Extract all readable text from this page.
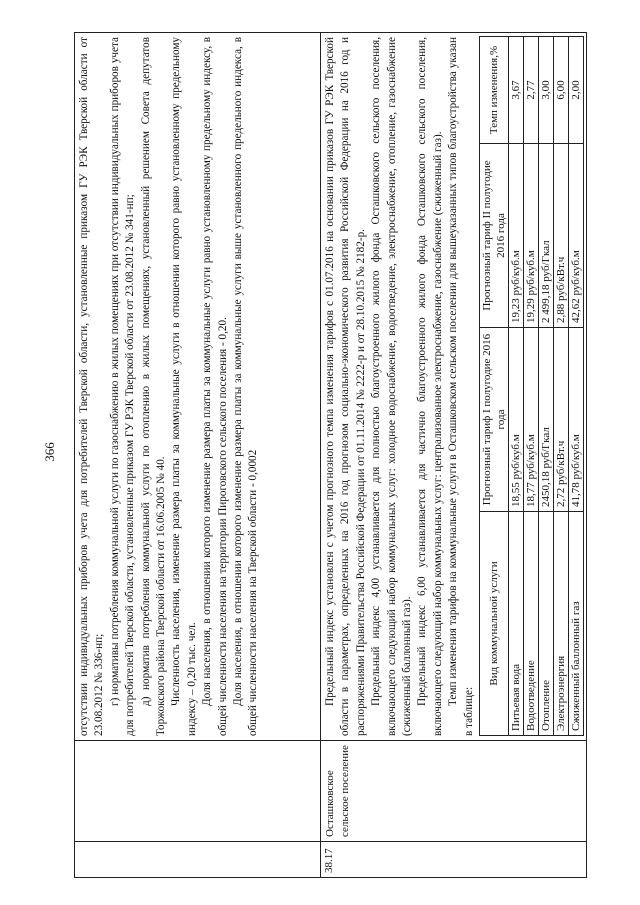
366
		отсутствии индивидуальных приборов учета для потребителей Тверской области, установленные приказом ГУ РЭК Тверской области от 23.08.2012 № 336-нп; г) нормативы потребления коммунальной услуги по газоснабжению в жилых помещениях при отсутствии индивидуальных приборов учета для потребителей Тверской области, установленные приказом ГУ РЭК Тверской области от 23.08.2012 № 341-нп; д) норматив потребления коммунальной услуги по отоплению в жилых помещениях, установленный решением Совета депутатов Торжокского района Тверской области от 16.06.2005 № 40. Численность населения, изменение размера платы за коммунальные услуги в отношении которого равно установленному предельному индексу – 0,20 тыс. чел. Доля населения, в отношении которого изменение размера платы за коммунальные услуги равно установленному предельному индексу, в общей численности населения на территории Пироговского сельского поселения - 0,20. Доля населения, в отношении которого изменение размера платы за коммунальные услуги выше установленного предельного индекса, в общей численности населения на Тверской области - 0,0002

38.17	Осташковское сельское поселение	

Предельный индекс установлен с учетом прогнозного темпа изменения тарифов с 01.07.2016 на основании приказов ГУ РЭК Тверской области в параметрах, определенных на 2016 год прогнозом социально-экономического развития Российской Федерации на 2016 год и распоряжениями Правительства Российской Федерации от 01.11.2014 № 2222-р и от 28.10.2015 № 2182-р. Предельный индекс 4,00 устанавливается для полностью благоустроенного жилого фонда Осташковского сельского поселения, включающего следующий набор коммунальных услуг: холодное водоснабжение, водоотведение, электроснабжение, отопление, газоснабжение (сжиженный баллонный газ). Предельный индекс 6,00 устанавливается для частично благоустроенного жилого фонда Осташковского сельского поселения, включающего следующий набор коммунальных услуг: централизованное электроснабжение, газоснабжение (сжиженный газ). Темп изменения тарифов на коммунальные услуги в Осташковском сельском поселении для вышеуказанных типов благоустройства указан в таблице:

Вид коммунальной услуги	Прогнозный тариф I полугодие 2016 года	Прогнозный тариф II полугодие 2016 года	Темп изменения,%
Питьевая вода	18,55 руб/куб.м	19,23 руб/куб.м	3,67
Водоотведение	18,77 руб/куб.м	19,29 руб/куб.м	2,77
Отопление	2450,18 руб/Гкал	2 499,18 руб/Гкал	3,00
Электроэнергия	2,72 руб/кВт.ч	2,88 руб/кВт.ч	6,00
Сжиженный баллонный газ	41,78 руб/куб.м	42,62 руб/куб.м	2,00
